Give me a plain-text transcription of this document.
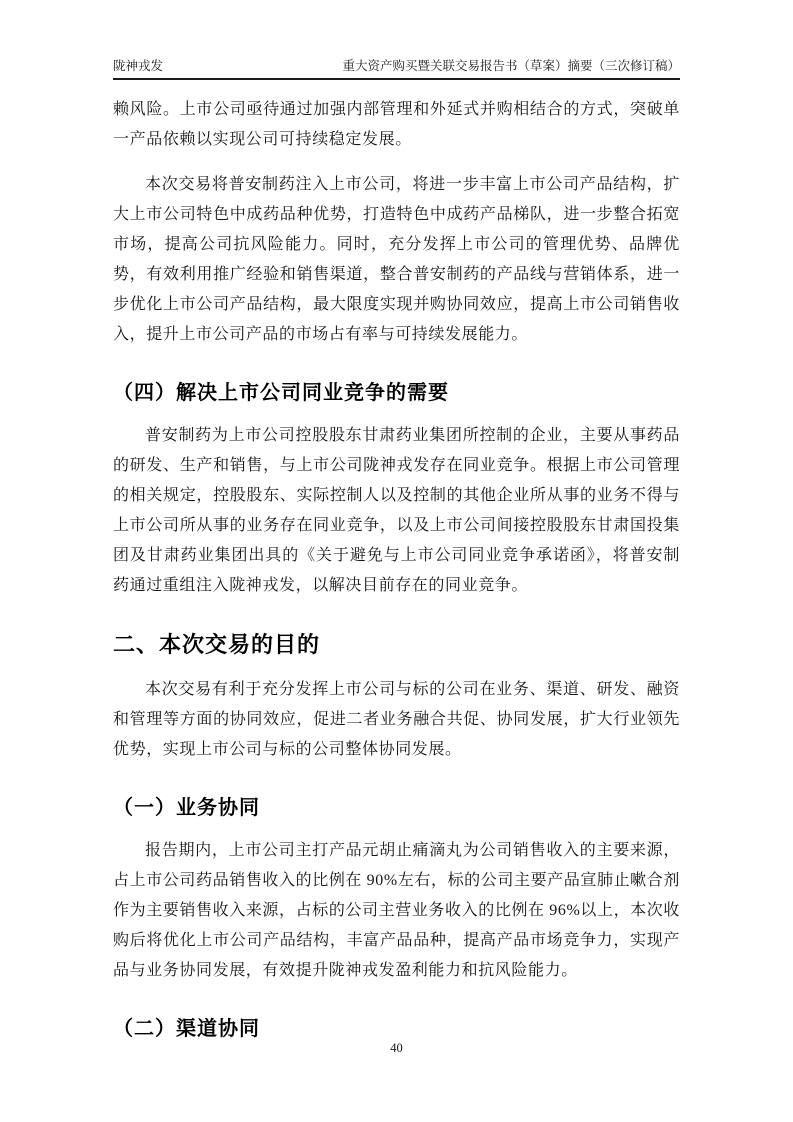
陇神戎发	重大资产购买暨关联交易报告书（草案）摘要（三次修订稿）

赖风险。上市公司亟待通过加强内部管理和外延式并购相结合的方式，突破单一产品依赖以实现公司可持续稳定发展。

本次交易将普安制药注入上市公司，将进一步丰富上市公司产品结构，扩大上市公司特色中成药品种优势，打造特色中成药产品梯队，进一步整合拓宽市场，提高公司抗风险能力。同时，充分发挥上市公司的管理优势、品牌优势，有效利用推广经验和销售渠道，整合普安制药的产品线与营销体系，进一步优化上市公司产品结构，最大限度实现并购协同效应，提高上市公司销售收入，提升上市公司产品的市场占有率与可持续发展能力。

（四）解决上市公司同业竞争的需要

普安制药为上市公司控股股东甘肃药业集团所控制的企业，主要从事药品的研发、生产和销售，与上市公司陇神戎发存在同业竞争。根据上市公司管理的相关规定，控股股东、实际控制人以及控制的其他企业所从事的业务不得与上市公司所从事的业务存在同业竞争，以及上市公司间接控股股东甘肃国投集团及甘肃药业集团出具的《关于避免与上市公司同业竞争承诺函》，将普安制药通过重组注入陇神戎发，以解决目前存在的同业竞争。

二、本次交易的目的

本次交易有利于充分发挥上市公司与标的公司在业务、渠道、研发、融资和管理等方面的协同效应，促进二者业务融合共促、协同发展，扩大行业领先优势，实现上市公司与标的公司整体协同发展。

（一）业务协同

报告期内，上市公司主打产品元胡止痛滴丸为公司销售收入的主要来源，占上市公司药品销售收入的比例在 90%左右，标的公司主要产品宣肺止嗽合剂作为主要销售收入来源，占标的公司主营业务收入的比例在 96%以上，本次收购后将优化上市公司产品结构，丰富产品品种，提高产品市场竞争力，实现产品与业务协同发展，有效提升陇神戎发盈利能力和抗风险能力。

（二）渠道协同
40
